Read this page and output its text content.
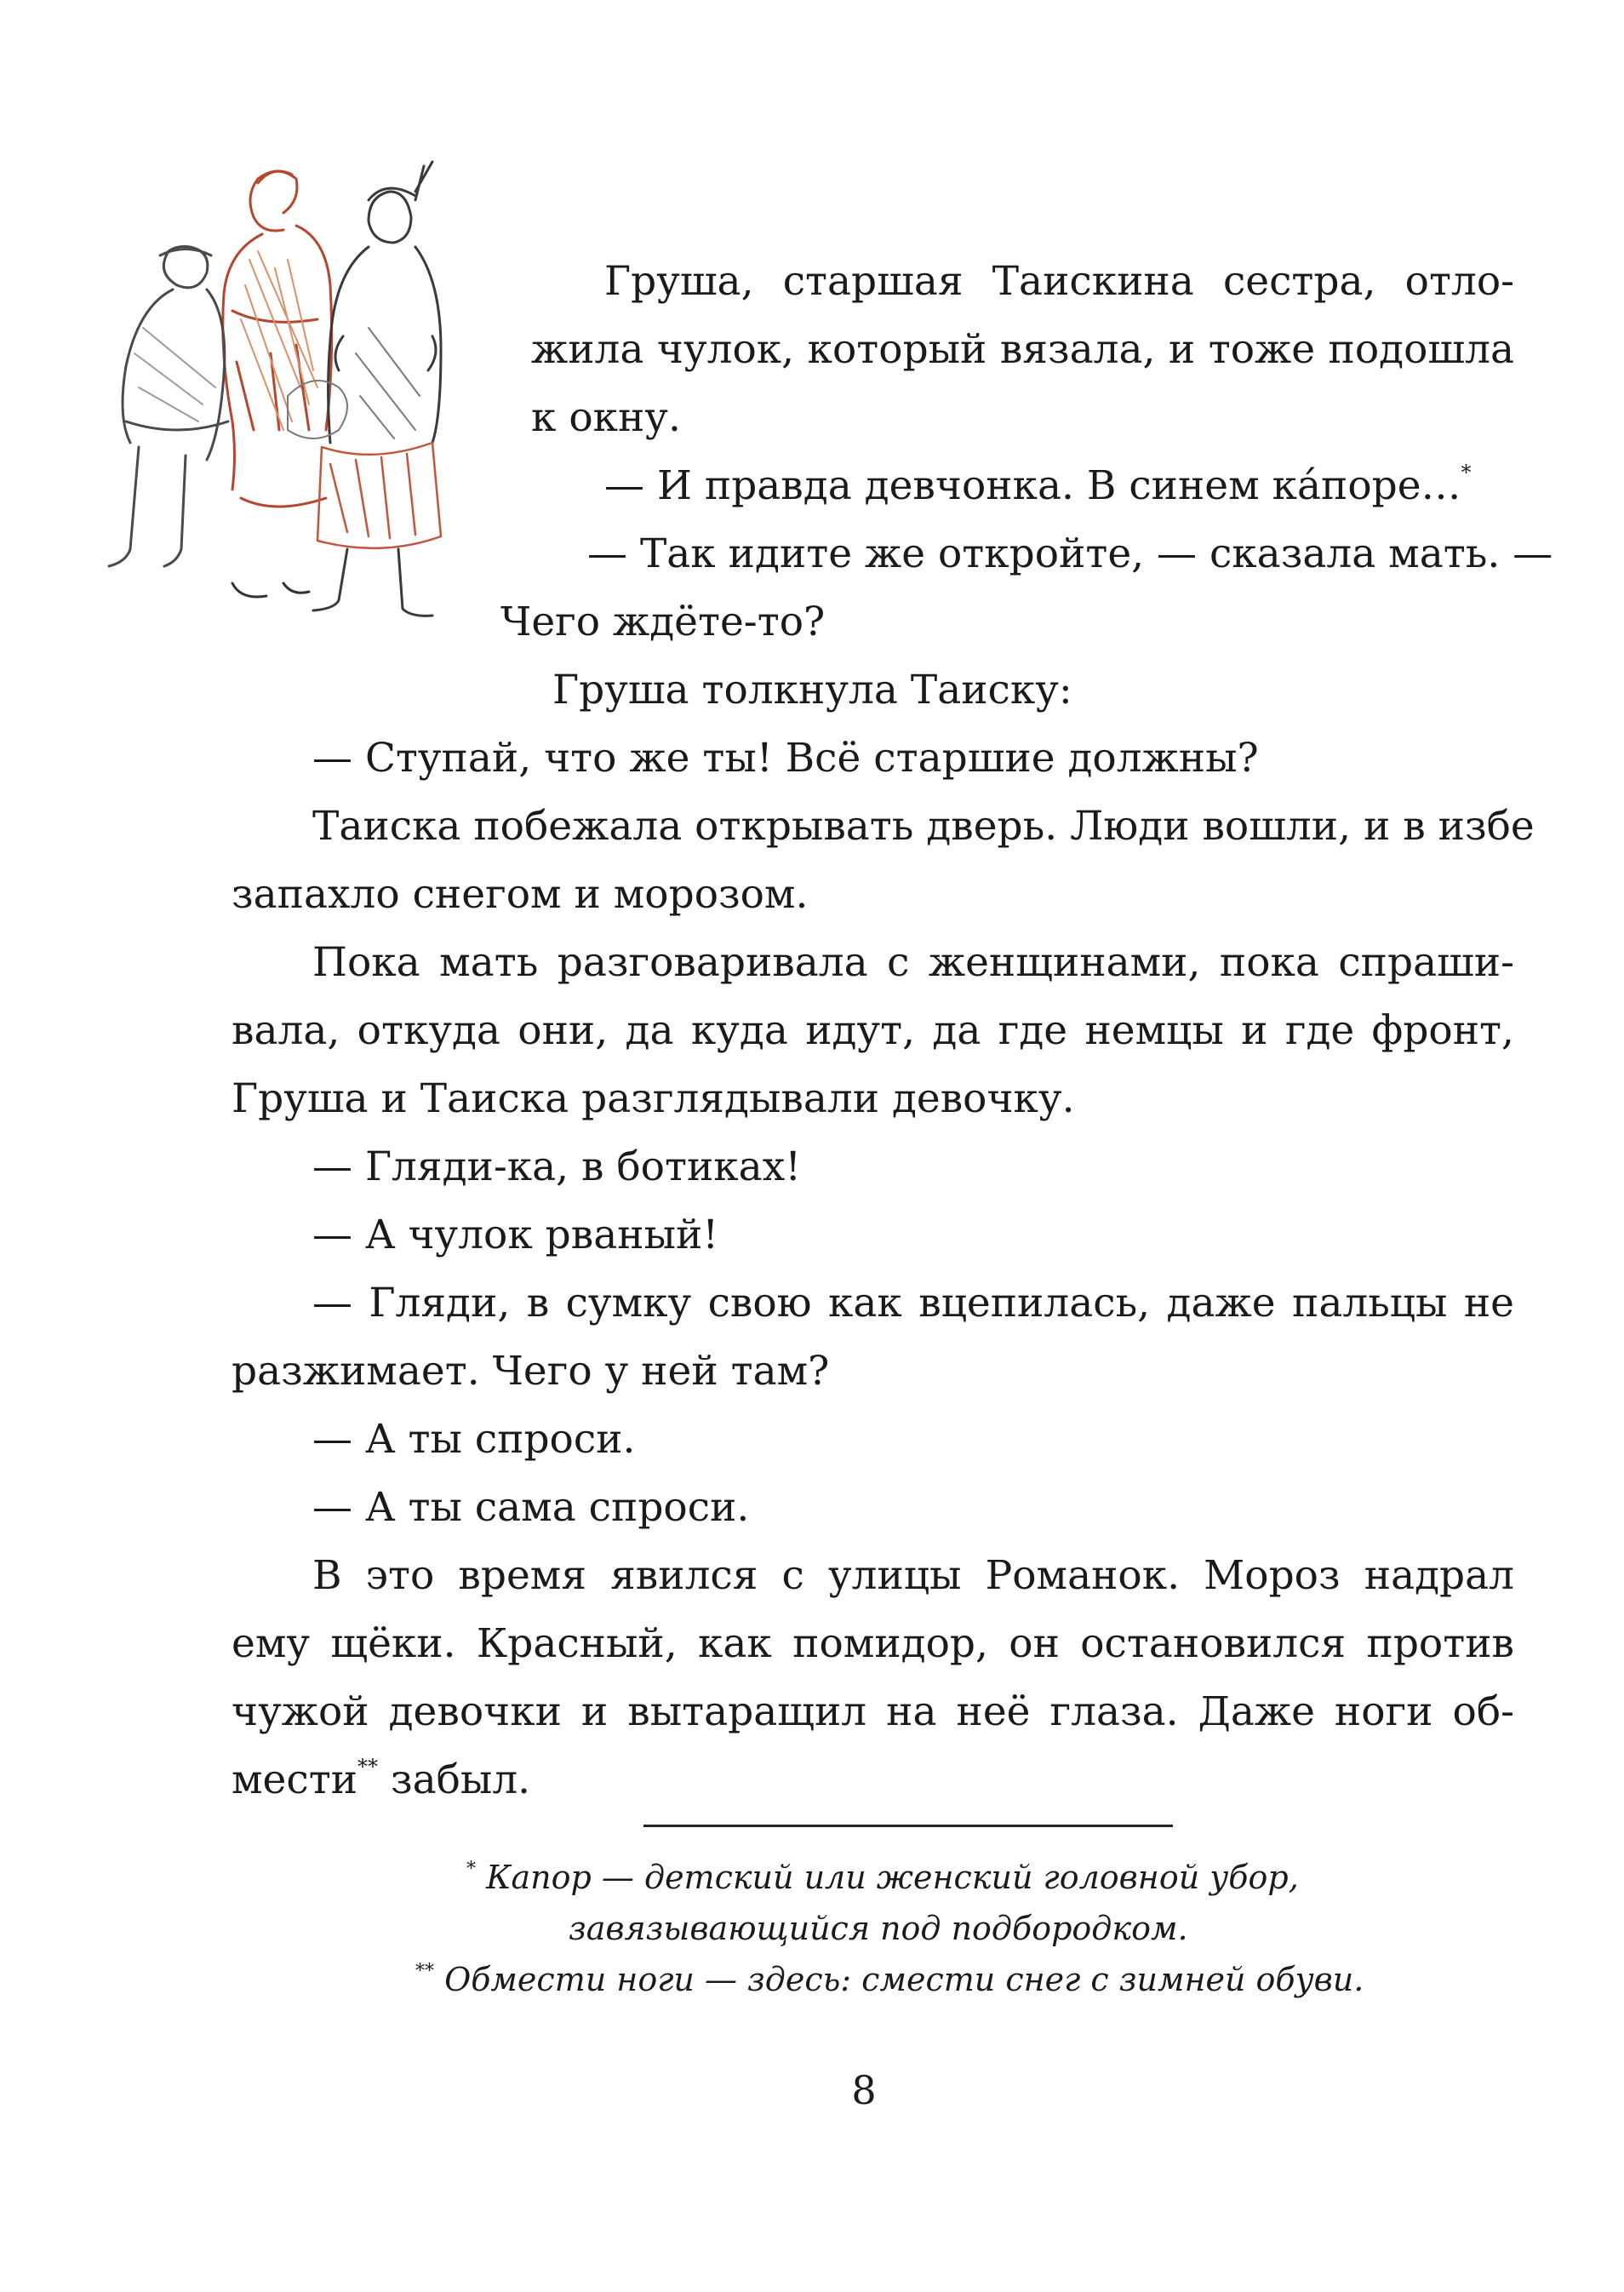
Груша, старшая Таискина сестра, отло-
жила чулок, который вязала, и тоже подошла
к окну.
— И правда девчонка. В синем ка́поре…*
— Так идите же откройте, — сказала мать. —
Чего ждёте-то?
Груша толкнула Таиску:
— Ступай, что же ты! Всё старшие должны?
Таиска побежала открывать дверь. Люди вошли, и в избе
запахло снегом и морозом.
Пока мать разговаривала с женщинами, пока спраши-
вала, откуда они, да куда идут, да где немцы и где фронт,
Груша и Таиска разглядывали девочку.
— Гляди-ка, в ботиках!
— А чулок рваный!
— Гляди, в сумку свою как вцепилась, даже пальцы не
разжимает. Чего у ней там?
— А ты спроси.
— А ты сама спроси.
В это время явился с улицы Романок. Мороз надрал
ему щёки. Красный, как помидор, он остановился против
чужой девочки и вытаращил на неё глаза. Даже ноги об-
мести** забыл.
* Капор — детский или женский головной убор,
завязывающийся под подбородком.
** Обмести ноги — здесь: смести снег с зимней обуви.
8
